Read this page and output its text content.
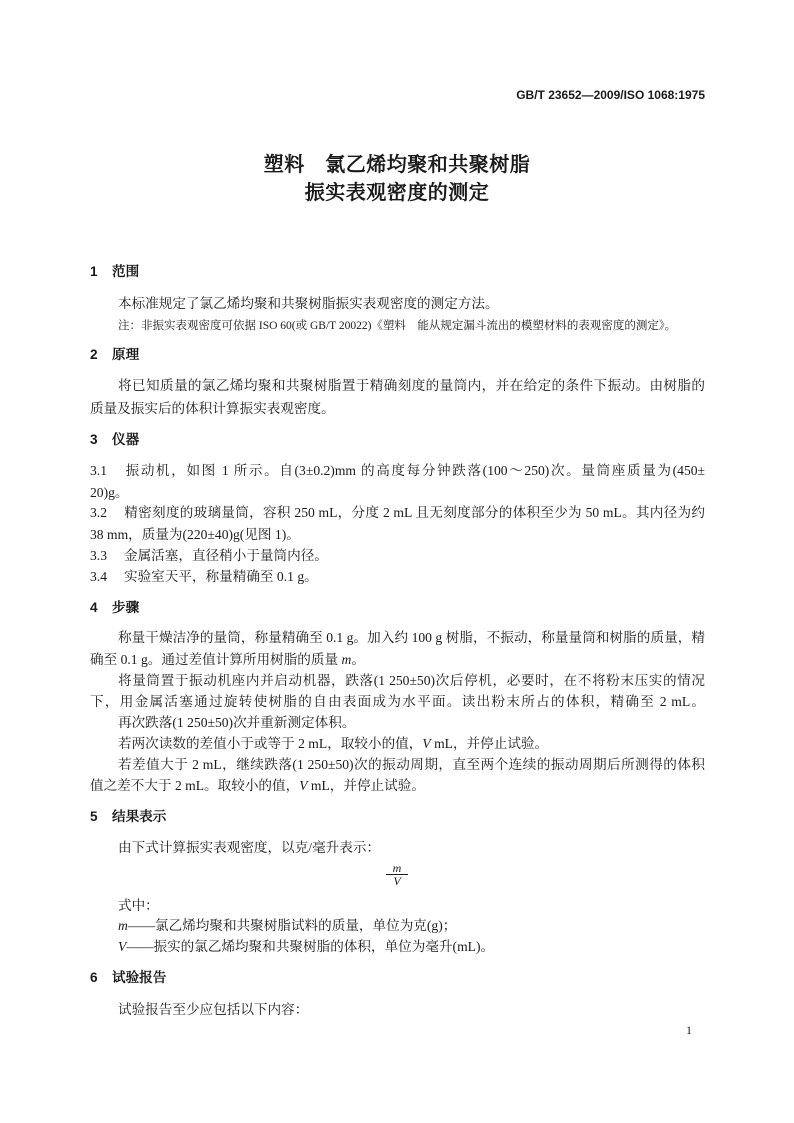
GB/T 23652—2009/ISO 1068:1975
塑料　氯乙烯均聚和共聚树脂
振实表观密度的测定
1 范围
本标准规定了氯乙烯均聚和共聚树脂振实表观密度的测定方法。
注：非振实表观密度可依据 ISO 60(或 GB/T 20022)《塑料　能从规定漏斗流出的模塑材料的表观密度的测定》。
2 原理
将已知质量的氯乙烯均聚和共聚树脂置于精确刻度的量筒内，并在给定的条件下振动。由树脂的
质量及振实后的体积计算振实表观密度。
3 仪器
3.1 振动机，如图 1 所示。自(3±0.2)mm 的高度每分钟跌落(100～250)次。量筒座质量为(450±
20)g。
3.2 精密刻度的玻璃量筒，容积 250 mL，分度 2 mL 且无刻度部分的体积至少为 50 mL。其内径为约
38 mm，质量为(220±40)g(见图 1)。
3.3 金属活塞，直径稍小于量筒内径。
3.4 实验室天平，称量精确至 0.1 g。
4 步骤
称量干燥洁净的量筒，称量精确至 0.1 g。加入约 100 g 树脂，不振动，称量量筒和树脂的质量，精
确至 0.1 g。通过差值计算所用树脂的质量 m。
将量筒置于振动机座内并启动机器，跌落(1 250±50)次后停机，必要时，在不将粉末压实的情况
下，用金属活塞通过旋转使树脂的自由表面成为水平面。读出粉末所占的体积，精确至 2 mL。
再次跌落(1 250±50)次并重新测定体积。
若两次读数的差值小于或等于 2 mL，取较小的值，V mL，并停止试验。
若差值大于 2 mL，继续跌落(1 250±50)次的振动周期，直至两个连续的振动周期后所测得的体积
值之差不大于 2 mL。取较小的值，V mL，并停止试验。
5 结果表示
由下式计算振实表观密度，以克/毫升表示：
$\frac{m}{V}$
式中：
m——氯乙烯均聚和共聚树脂试料的质量，单位为克(g)；
V——振实的氯乙烯均聚和共聚树脂的体积，单位为毫升(mL)。
6 试验报告
试验报告至少应包括以下内容：
1
